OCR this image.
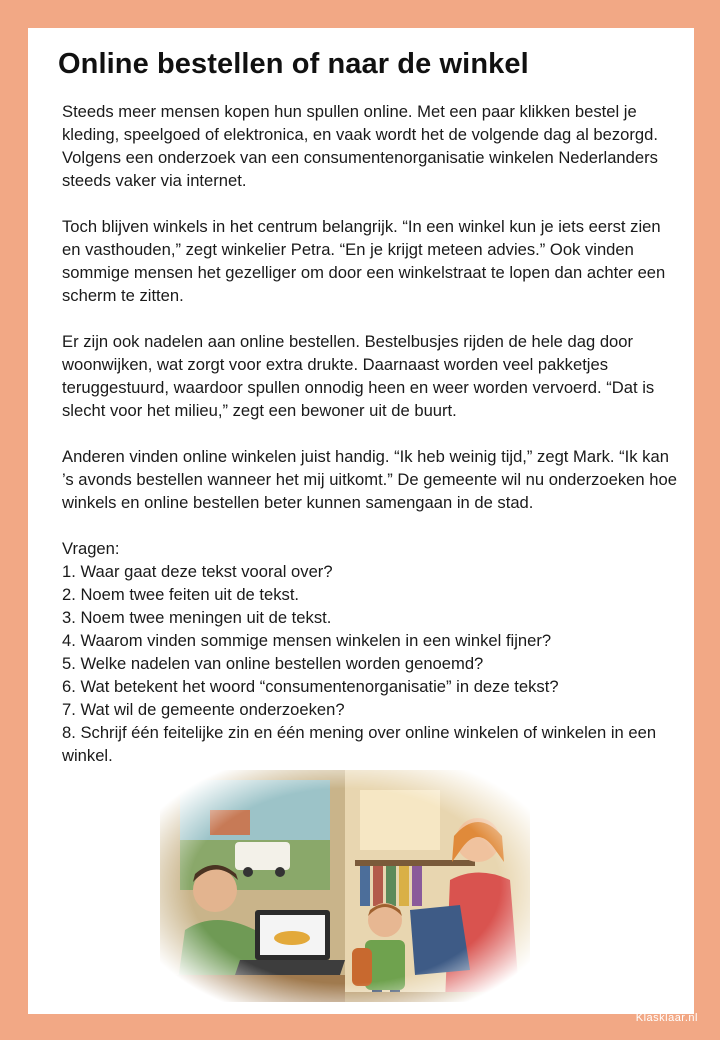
Online bestellen of naar de winkel

Steeds meer mensen kopen hun spullen online. Met een paar klikken bestel je kleding, speelgoed of elektronica, en vaak wordt het de volgende dag al bezorgd. Volgens een onderzoek van een consumentenorganisatie winkelen Nederlanders steeds vaker via internet.

Toch blijven winkels in het centrum belangrijk. “In een winkel kun je iets eerst zien en vasthouden,” zegt winkelier Petra. “En je krijgt meteen advies.” Ook vinden sommige mensen het gezelliger om door een winkelstraat te lopen dan achter een scherm te zitten.

Er zijn ook nadelen aan online bestellen. Bestelbusjes rijden de hele dag door woonwijken, wat zorgt voor extra drukte. Daarnaast worden veel pakketjes teruggestuurd, waardoor spullen onnodig heen en weer worden vervoerd. “Dat is slecht voor het milieu,” zegt een bewoner uit de buurt.

Anderen vinden online winkelen juist handig. “Ik heb weinig tijd,” zegt Mark. “Ik kan ’s avonds bestellen wanneer het mij uitkomt.” De gemeente wil nu onderzoeken hoe winkels en online bestellen beter kunnen samengaan in de stad.

Vragen:
1. Waar gaat deze tekst vooral over?
2. Noem twee feiten uit de tekst.
3. Noem twee meningen uit de tekst.
4. Waarom vinden sommige mensen winkelen in een winkel fijner?
5. Welke nadelen van online bestellen worden genoemd?
6. Wat betekent het woord “consumentenorganisatie” in deze tekst?
7. Wat wil de gemeente onderzoeken?
8. Schrijf één feitelijke zin en één mening over online winkelen of winkelen in een winkel.
Klasklaar.nl
